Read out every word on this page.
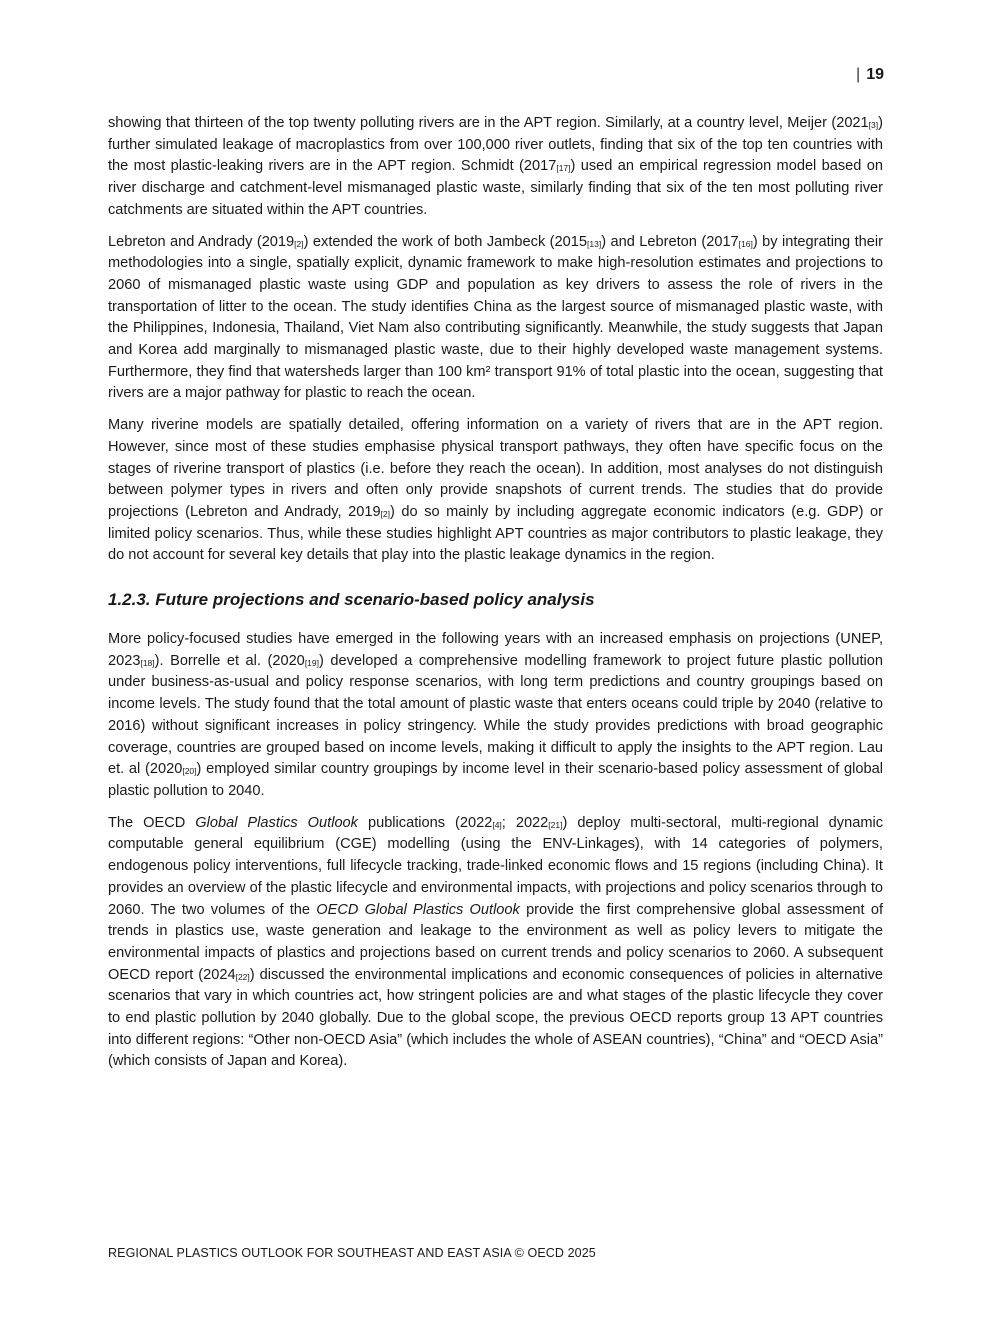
| 19

showing that thirteen of the top twenty polluting rivers are in the APT region. Similarly, at a country level, Meijer $(2021_{[3]})$ further simulated leakage of macroplastics from over 100,000 river outlets, finding that six of the top ten countries with the most plastic-leaking rivers are in the APT region. Schmidt $(2017_{[17]})$ used an empirical regression model based on river discharge and catchment-level mismanaged plastic waste, similarly finding that six of the ten most polluting river catchments are situated within the APT countries.

Lebreton and Andrady $(2019_{[2]})$ extended the work of both Jambeck $(2015_{[13]})$ and Lebreton $(2017_{[16]})$ by integrating their methodologies into a single, spatially explicit, dynamic framework to make high-resolution estimates and projections to 2060 of mismanaged plastic waste using GDP and population as key drivers to assess the role of rivers in the transportation of litter to the ocean. The study identifies China as the largest source of mismanaged plastic waste, with the Philippines, Indonesia, Thailand, Viet Nam also contributing significantly. Meanwhile, the study suggests that Japan and Korea add marginally to mismanaged plastic waste, due to their highly developed waste management systems. Furthermore, they find that watersheds larger than 100 km² transport 91% of total plastic into the ocean, suggesting that rivers are a major pathway for plastic to reach the ocean.

Many riverine models are spatially detailed, offering information on a variety of rivers that are in the APT region. However, since most of these studies emphasise physical transport pathways, they often have specific focus on the stages of riverine transport of plastics (i.e. before they reach the ocean). In addition, most analyses do not distinguish between polymer types in rivers and often only provide snapshots of current trends. The studies that do provide projections (Lebreton and Andrady, $2019_{[2]}$) do so mainly by including aggregate economic indicators (e.g. GDP) or limited policy scenarios. Thus, while these studies highlight APT countries as major contributors to plastic leakage, they do not account for several key details that play into the plastic leakage dynamics in the region.

1.2.3. Future projections and scenario-based policy analysis

More policy-focused studies have emerged in the following years with an increased emphasis on projections (UNEP, $2023_{[18]}$). Borrelle et al. $(2020_{[19]})$ developed a comprehensive modelling framework to project future plastic pollution under business-as-usual and policy response scenarios, with long term predictions and country groupings based on income levels. The study found that the total amount of plastic waste that enters oceans could triple by 2040 (relative to 2016) without significant increases in policy stringency. While the study provides predictions with broad geographic coverage, countries are grouped based on income levels, making it difficult to apply the insights to the APT region. Lau et. al $(2020_{[20]})$ employed similar country groupings by income level in their scenario-based policy assessment of global plastic pollution to 2040.

The OECD Global Plastics Outlook publications ($2022_{[4]}$; $2022_{[21]}$) deploy multi-sectoral, multi-regional dynamic computable general equilibrium (CGE) modelling (using the ENV-Linkages), with 14 categories of polymers, endogenous policy interventions, full lifecycle tracking, trade-linked economic flows and 15 regions (including China). It provides an overview of the plastic lifecycle and environmental impacts, with projections and policy scenarios through to 2060. The two volumes of the OECD Global Plastics Outlook provide the first comprehensive global assessment of trends in plastics use, waste generation and leakage to the environment as well as policy levers to mitigate the environmental impacts of plastics and projections based on current trends and policy scenarios to 2060. A subsequent OECD report $(2024_{[22]})$ discussed the environmental implications and economic consequences of policies in alternative scenarios that vary in which countries act, how stringent policies are and what stages of the plastic lifecycle they cover to end plastic pollution by 2040 globally. Due to the global scope, the previous OECD reports group 13 APT countries into different regions: “Other non-OECD Asia” (which includes the whole of ASEAN countries), “China” and “OECD Asia” (which consists of Japan and Korea).

REGIONAL PLASTICS OUTLOOK FOR SOUTHEAST AND EAST ASIA © OECD 2025
